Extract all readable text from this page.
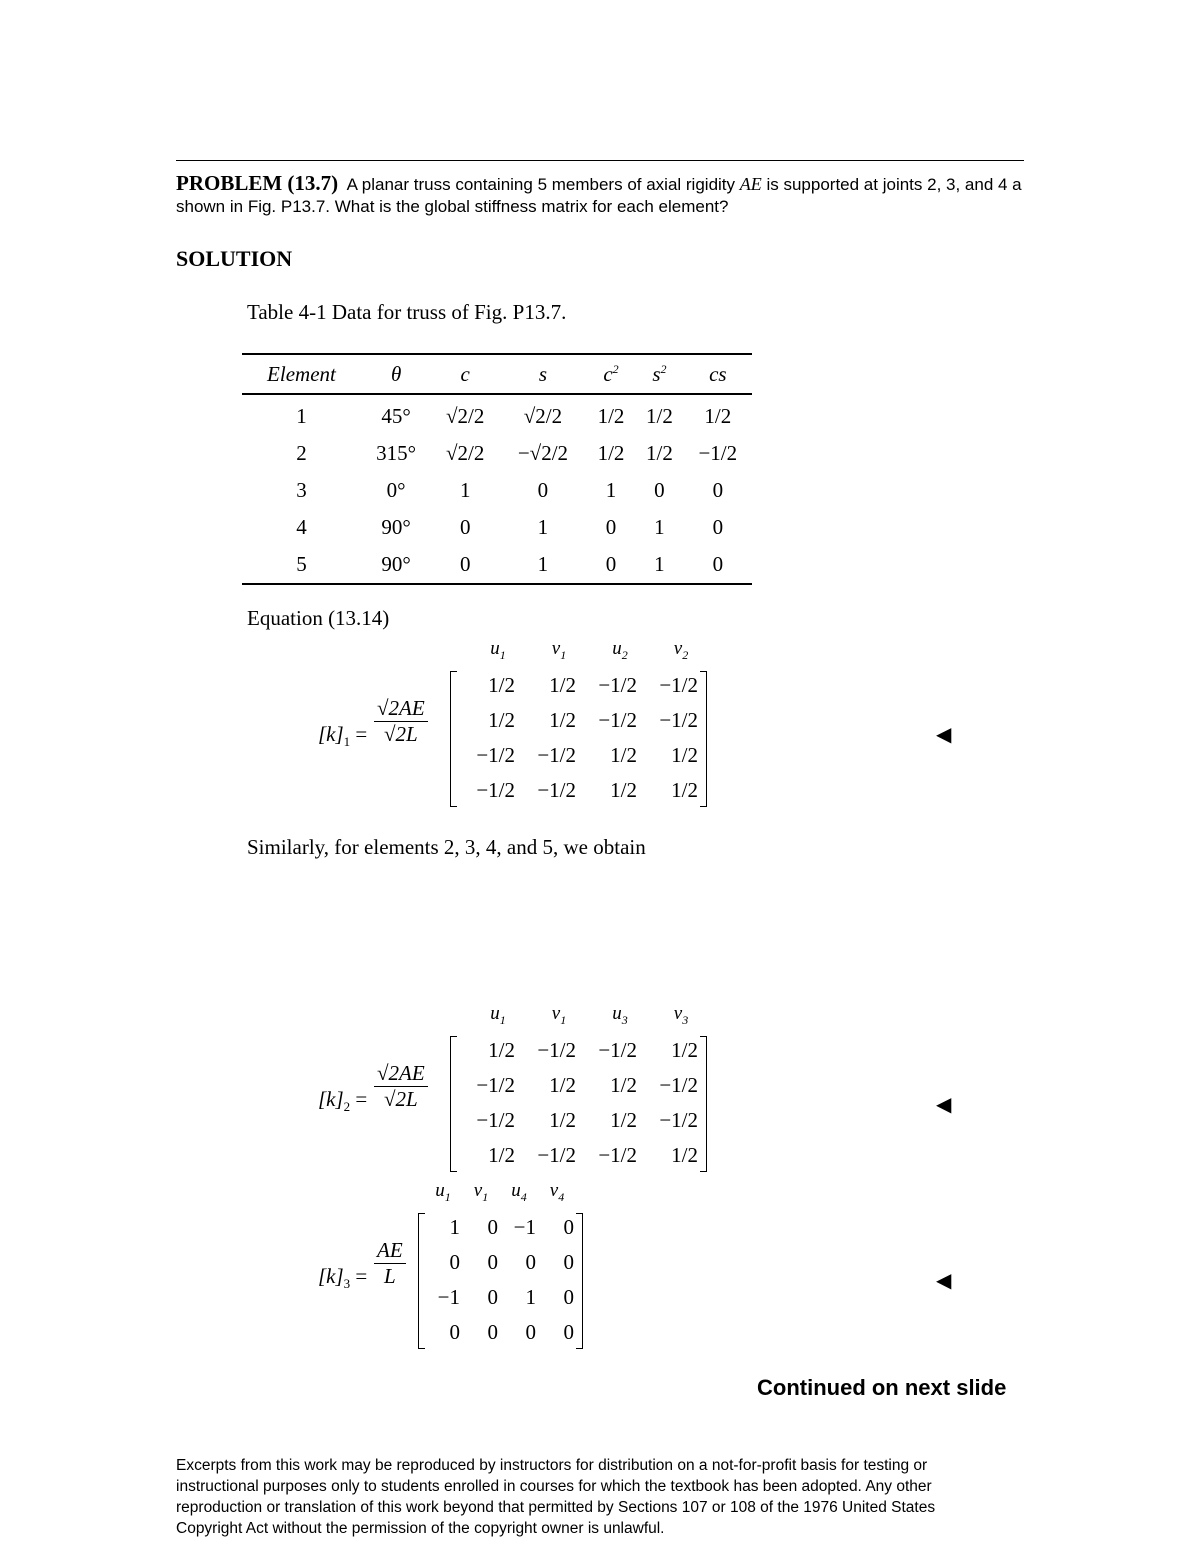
PROBLEM (13.7) A planar truss containing 5 members of axial rigidity AE is supported at joints 2, 3, and 4 a shown in Fig. P13.7. What is the global stiffness matrix for each element?
SOLUTION
Table 4-1 Data for truss of Fig. P13.7.
Element	θ	c	s	$c^2$	$s^2$	cs
1	45°	√2/2	√2/2	1/2	1/2	1/2
2	315°	√2/2	−√2/2	1/2	1/2	−1/2
3	0°	1	0	1	0	0
4	90°	0	1	0	1	0
5	90°	0	1	0	1	0
Equation (13.14)
$[k]_1 = \frac{√2AE}{√2L}$
$u_1$	$v_1$	$u_2$	$v_2$
1/2	1/2	−1/2	−1/2
1/2	1/2	−1/2	−1/2
−1/2	−1/2	1/2	1/2
−1/2	−1/2	1/2	1/2
◀
Similarly, for elements 2, 3, 4, and 5, we obtain
$[k]_2 = \frac{√2AE}{√2L}$
$u_1$	$v_1$	$u_3$	$v_3$
1/2	−1/2	−1/2	1/2
−1/2	1/2	1/2	−1/2
−1/2	1/2	1/2	−1/2
1/2	−1/2	−1/2	1/2
◀
$[k]_3 = \frac{AE}{L}$
$u_1$	$v_1$	$u_4$	$v_4$
1	0	−1	0
0	0	0	0
−1	0	1	0
0	0	0	0
◀
Continued on next slide
Excerpts from this work may be reproduced by instructors for distribution on a not-for-profit basis for testing or instructional purposes only to students enrolled in courses for which the textbook has been adopted. Any other reproduction or translation of this work beyond that permitted by Sections 107 or 108 of the 1976 United States Copyright Act without the permission of the copyright owner is unlawful.
